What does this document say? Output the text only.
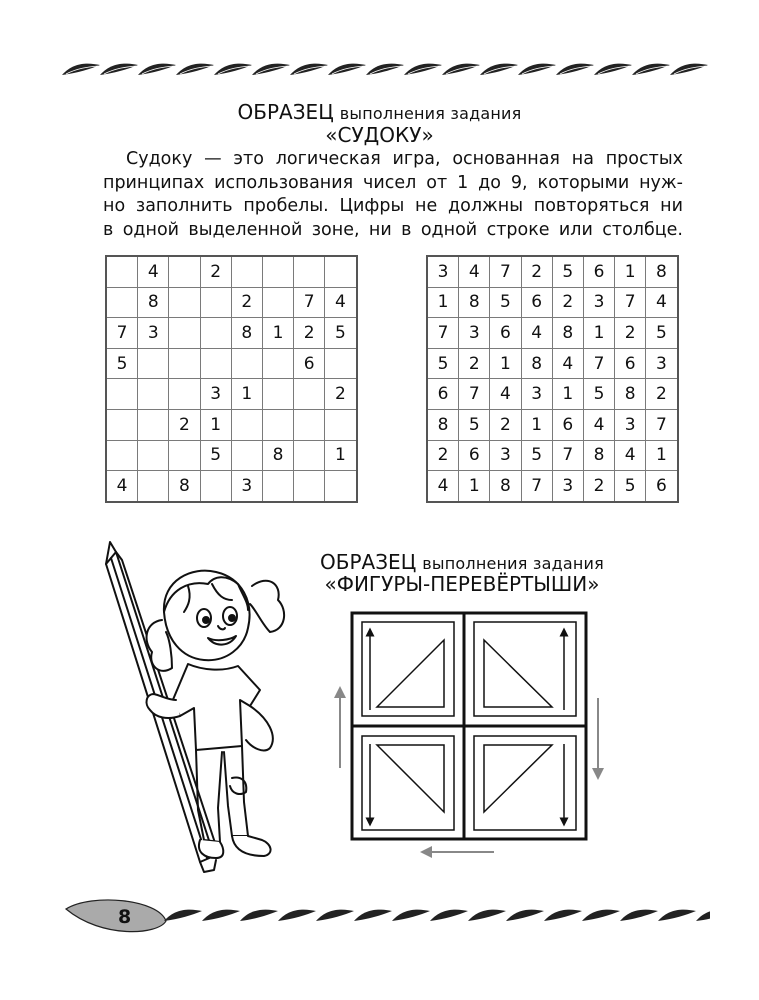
ОБРАЗЕЦ выполнения задания
«СУДОКУ»
Судоку — это логическая игра, основанная на простых
принципах использования чисел от 1 до 9, которыми нуж-
но заполнить пробелы. Цифры не должны повторяться ни
в одной выделенной зоне, ни в одной строке или столбце.
	4		2				
	8			2		7	4
7	3			8	1	2	5
5						6	
			3	1			2
		2	1				
			5		8		1
4		8		3			
3	4	7	2	5	6	1	8
1	8	5	6	2	3	7	4
7	3	6	4	8	1	2	5
5	2	1	8	4	7	6	3
6	7	4	3	1	5	8	2
8	5	2	1	6	4	3	7
2	6	3	5	7	8	4	1
4	1	8	7	3	2	5	6
ОБРАЗЕЦ выполнения задания
«ФИГУРЫ-ПЕРЕВЁРТЫШИ»
8
